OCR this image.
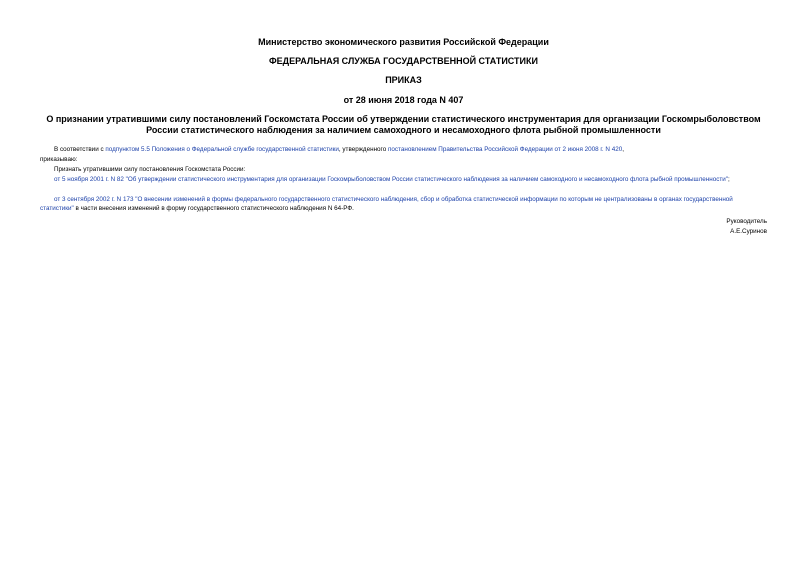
Министерство экономического развития Российской Федерации
ФЕДЕРАЛЬНАЯ СЛУЖБА ГОСУДАРСТВЕННОЙ СТАТИСТИКИ
ПРИКАЗ
от 28 июня 2018 года N 407
О признании утратившими силу постановлений Госкомстата России об утверждении статистического инструментария для организации Госкомрыболовством России статистического наблюдения за наличием самоходного и несамоходного флота рыбной промышленности
В соответствии с подпунктом 5.5 Положения о Федеральной службе государственной статистики, утвержденного постановлением Правительства Российской Федерации от 2 июня 2008 г. N 420,
приказываю:
Признать утратившими силу постановления Госкомстата России:
от 5 ноября 2001 г. N 82 "Об утверждении статистического инструментария для организации Госкомрыболовством России статистического наблюдения за наличием самоходного и несамоходного флота рыбной промышленности";
от 3 сентября 2002 г. N 173 "О внесении изменений в формы федерального государственного статистического наблюдения, сбор и обработка статистической информации по которым не централизованы в органах государственной статистики" в части внесения изменений в форму государственного статистического наблюдения N 64-РФ.
Руководитель
А.Е.Суринов
